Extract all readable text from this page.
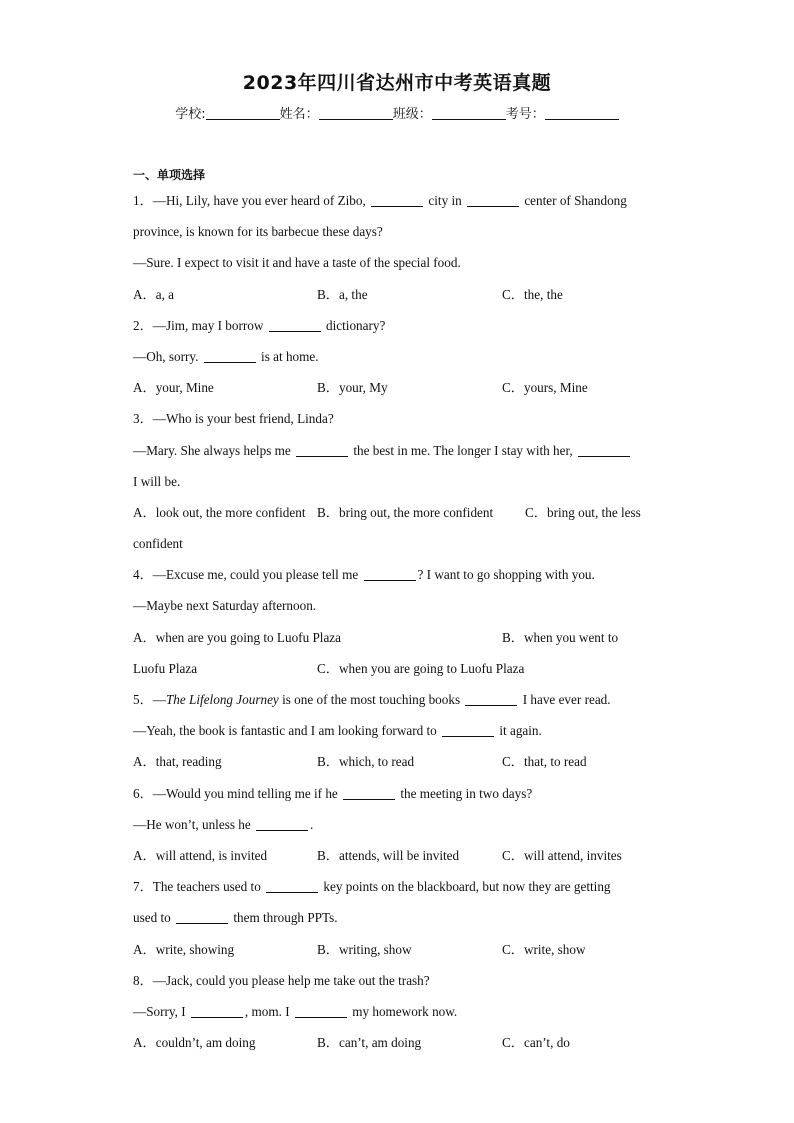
2023年四川省达州市中考英语真题
学校:	姓名：	班级：	考号：
一、单项选择
1．—Hi, Lily, have you ever heard of Zibo,	city in	center of Shandong
province, is known for its barbecue these days?
—Sure. I expect to visit it and have a taste of the special food.
A．a, a	B．a, the	C．the, the
2．—Jim, may I borrow	dictionary?
—Oh, sorry.	is at home.
A．your, Mine	B．your, My	C．yours, Mine
3．—Who is your best friend, Linda?
—Mary. She always helps me	the best in me. The longer I stay with her,
I will be.
A．look out, the more confident B．bring out, the more confident C．bring out, the less
confident
4．—Excuse me, could you please tell me	? I want to go shopping with you.
—Maybe next Saturday afternoon.
A．when are you going to Luofu Plaza	B．when you went to
Luofu Plaza	C．when you are going to Luofu Plaza
5．—The Lifelong Journey is one of the most touching books	I have ever read.
—Yeah, the book is fantastic and I am looking forward to	it again.
A．that, reading	B．which, to read	C．that, to read
6．—Would you mind telling me if he	the meeting in two days?
—He won’t, unless he	.
A．will attend, is invited	B．attends, will be invited	C．will attend, invites
7．The teachers used to	key points on the blackboard, but now they are getting
used to	them through PPTs.
A．write, showing	B．writing, show	C．write, show
8．—Jack, could you please help me take out the trash?
—Sorry, I	, mom. I	my homework now.
A．couldn’t, am doing	B．can’t, am doing	C．can’t, do
